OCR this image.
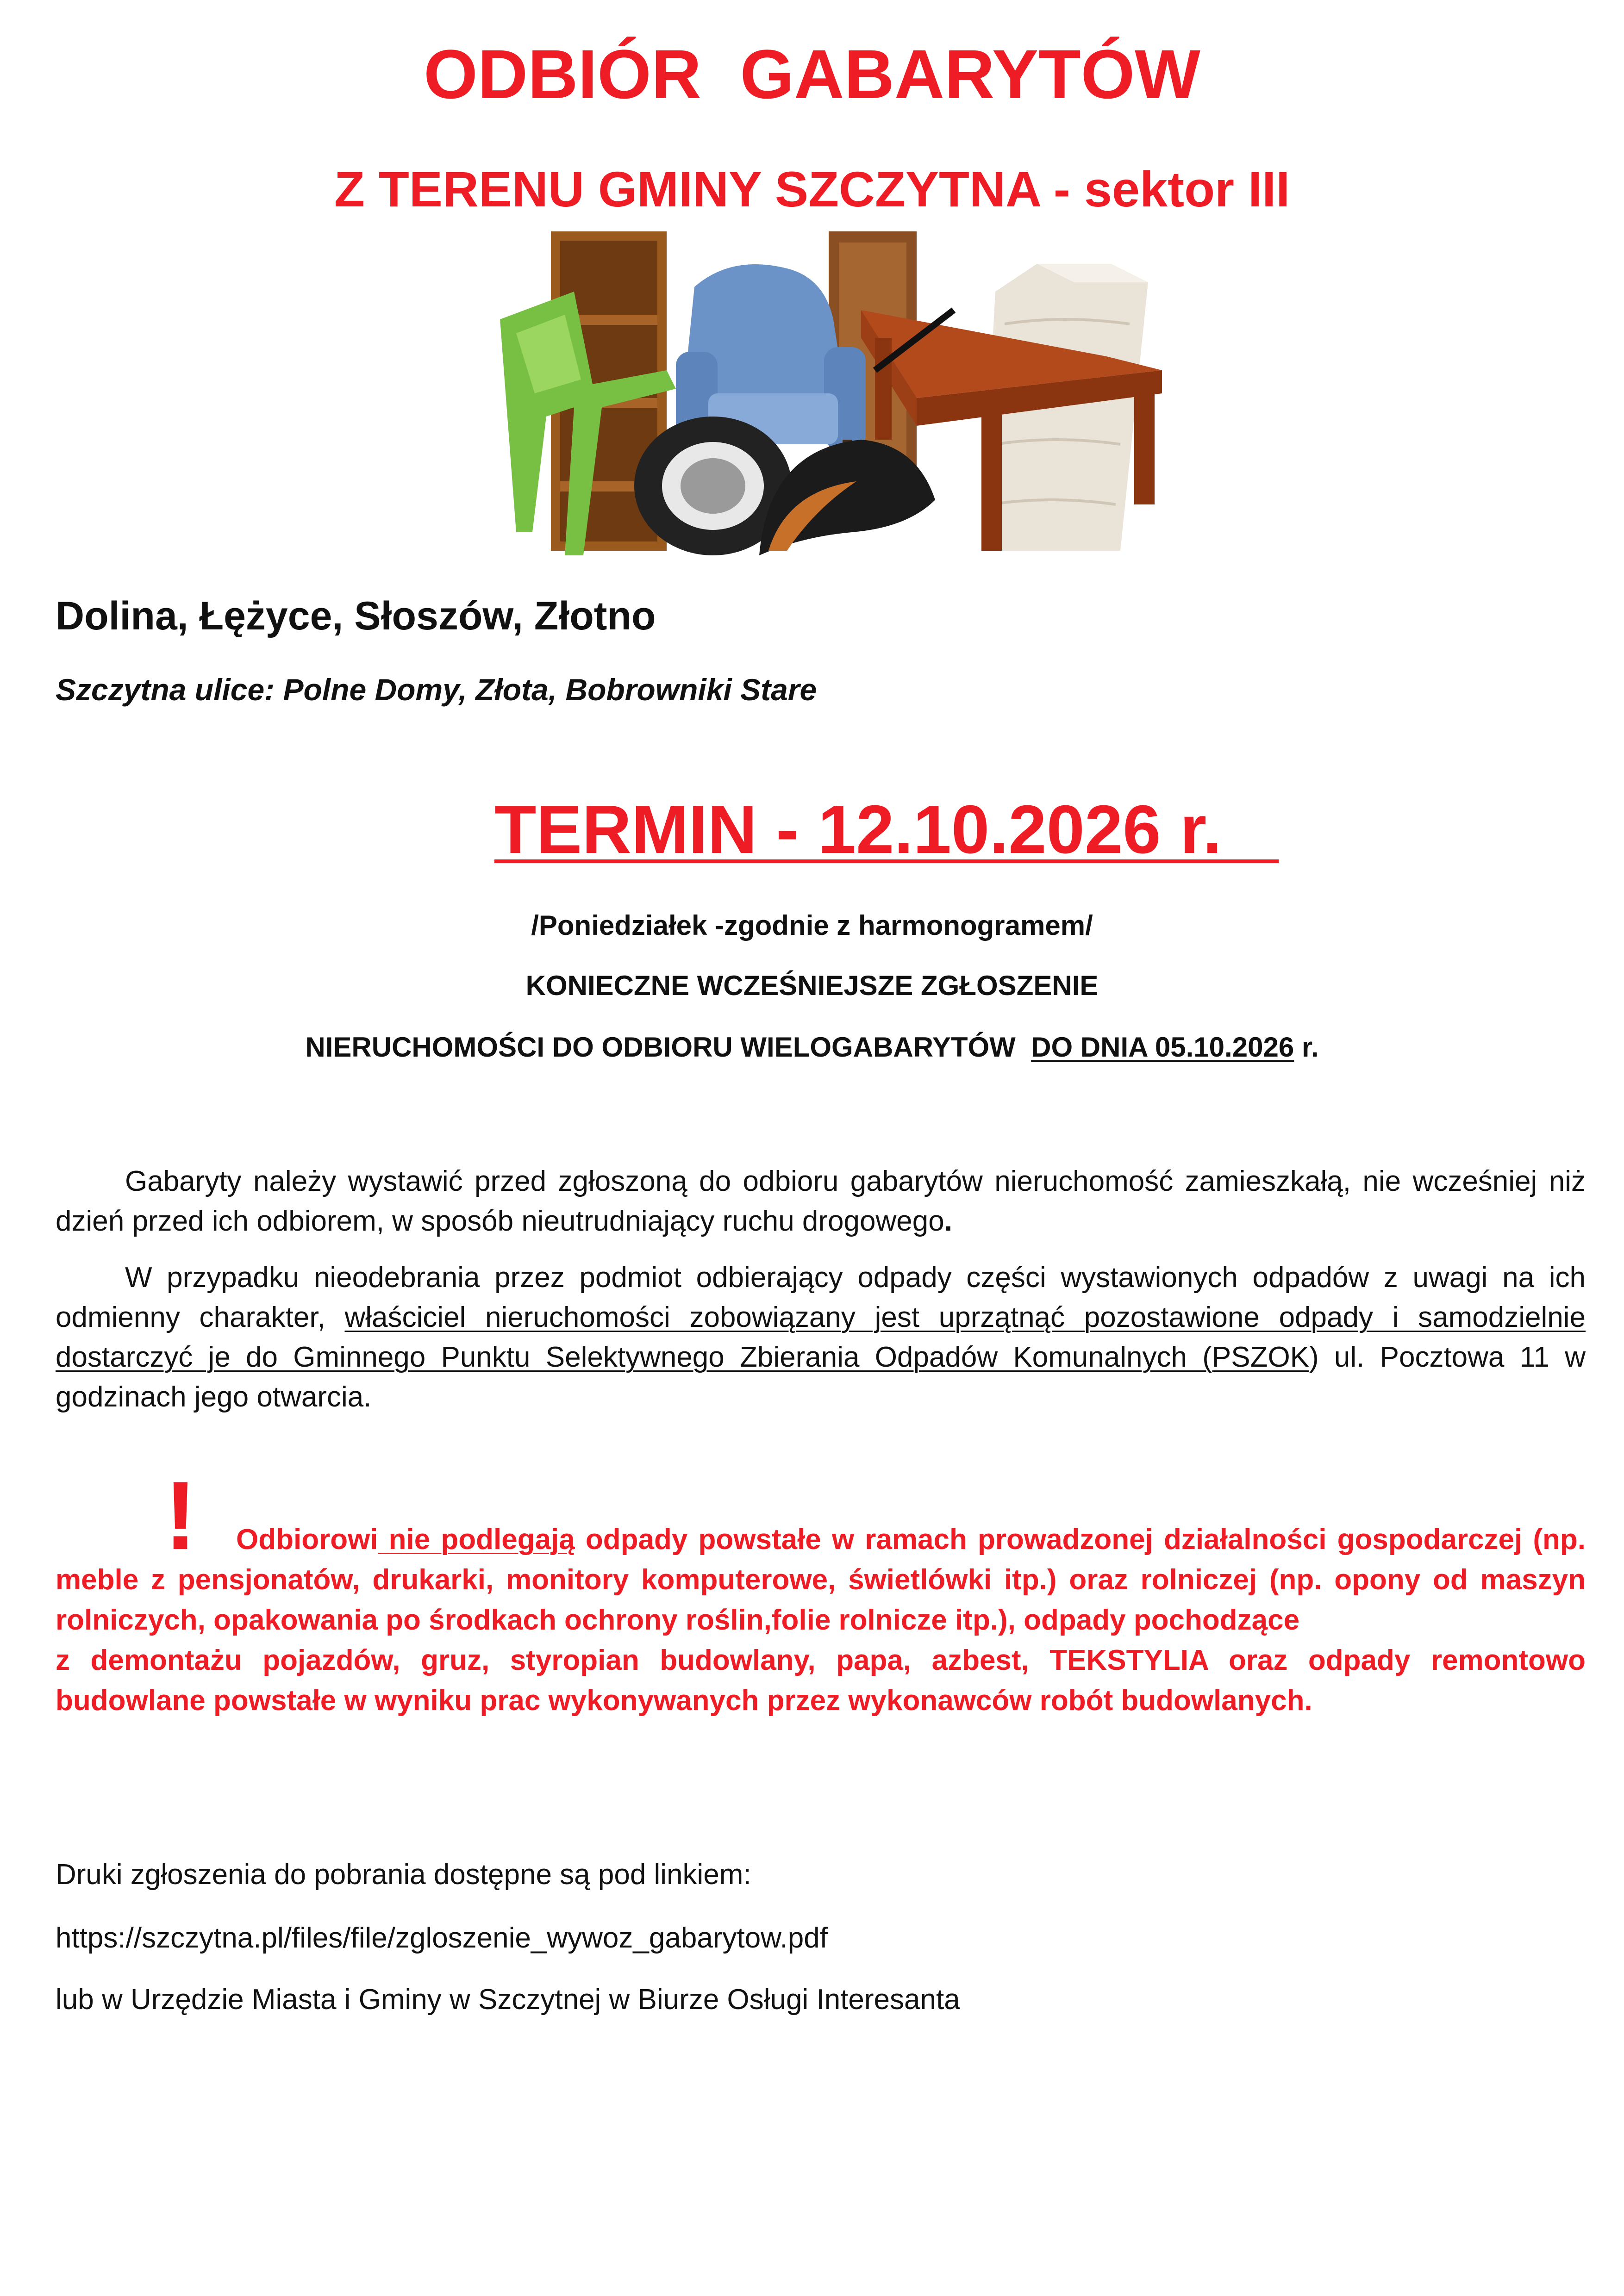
ODBIÓR  GABARYTÓW
Z TERENU GMINY SZCZYTNA - sektor III
Dolina, Łężyce, Słoszów, Złotno
Szczytna ulice: Polne Domy, Złota, Bobrowniki Stare
TERMIN - 12.10.2026 r.
/Poniedziałek -zgodnie z harmonogramem/
KONIECZNE WCZEŚNIEJSZE ZGŁOSZENIE
NIERUCHOMOŚCI DO ODBIORU WIELOGABARYTÓW  DO DNIA 05.10.2026 r.
Gabaryty należy wystawić przed zgłoszoną do odbioru gabarytów nieruchomość zamieszkałą, nie wcześniej niż dzień przed ich odbiorem, w sposób nieutrudniający ruchu drogowego.
W przypadku nieodebrania przez podmiot odbierający odpady części wystawionych odpadów z uwagi na ich odmienny charakter, właściciel nieruchomości zobowiązany jest uprzątnąć pozostawione odpady i samodzielnie dostarczyć je do Gminnego Punktu Selektywnego Zbierania Odpadów Komunalnych (PSZOK) ul. Pocztowa 11 w godzinach jego otwarcia.
!	Odbiorowi nie podlegają odpady powstałe w ramach prowadzonej działalności gospodarczej (np. meble z pensjonatów, drukarki, monitory komputerowe, świetlówki itp.) oraz rolniczej (np. opony od maszyn rolniczych, opakowania po środkach ochrony roślin,folie rolnicze itp.), odpady pochodzące
z demontażu pojazdów, gruz, styropian budowlany, papa, azbest, TEKSTYLIA oraz odpady remontowo budowlane powstałe w wyniku prac wykonywanych przez wykonawców robót budowlanych.
Druki zgłoszenia do pobrania dostępne są pod linkiem:
https://szczytna.pl/files/file/zgloszenie_wywoz_gabarytow.pdf
lub w Urzędzie Miasta i Gminy w Szczytnej w Biurze Osługi Interesanta
